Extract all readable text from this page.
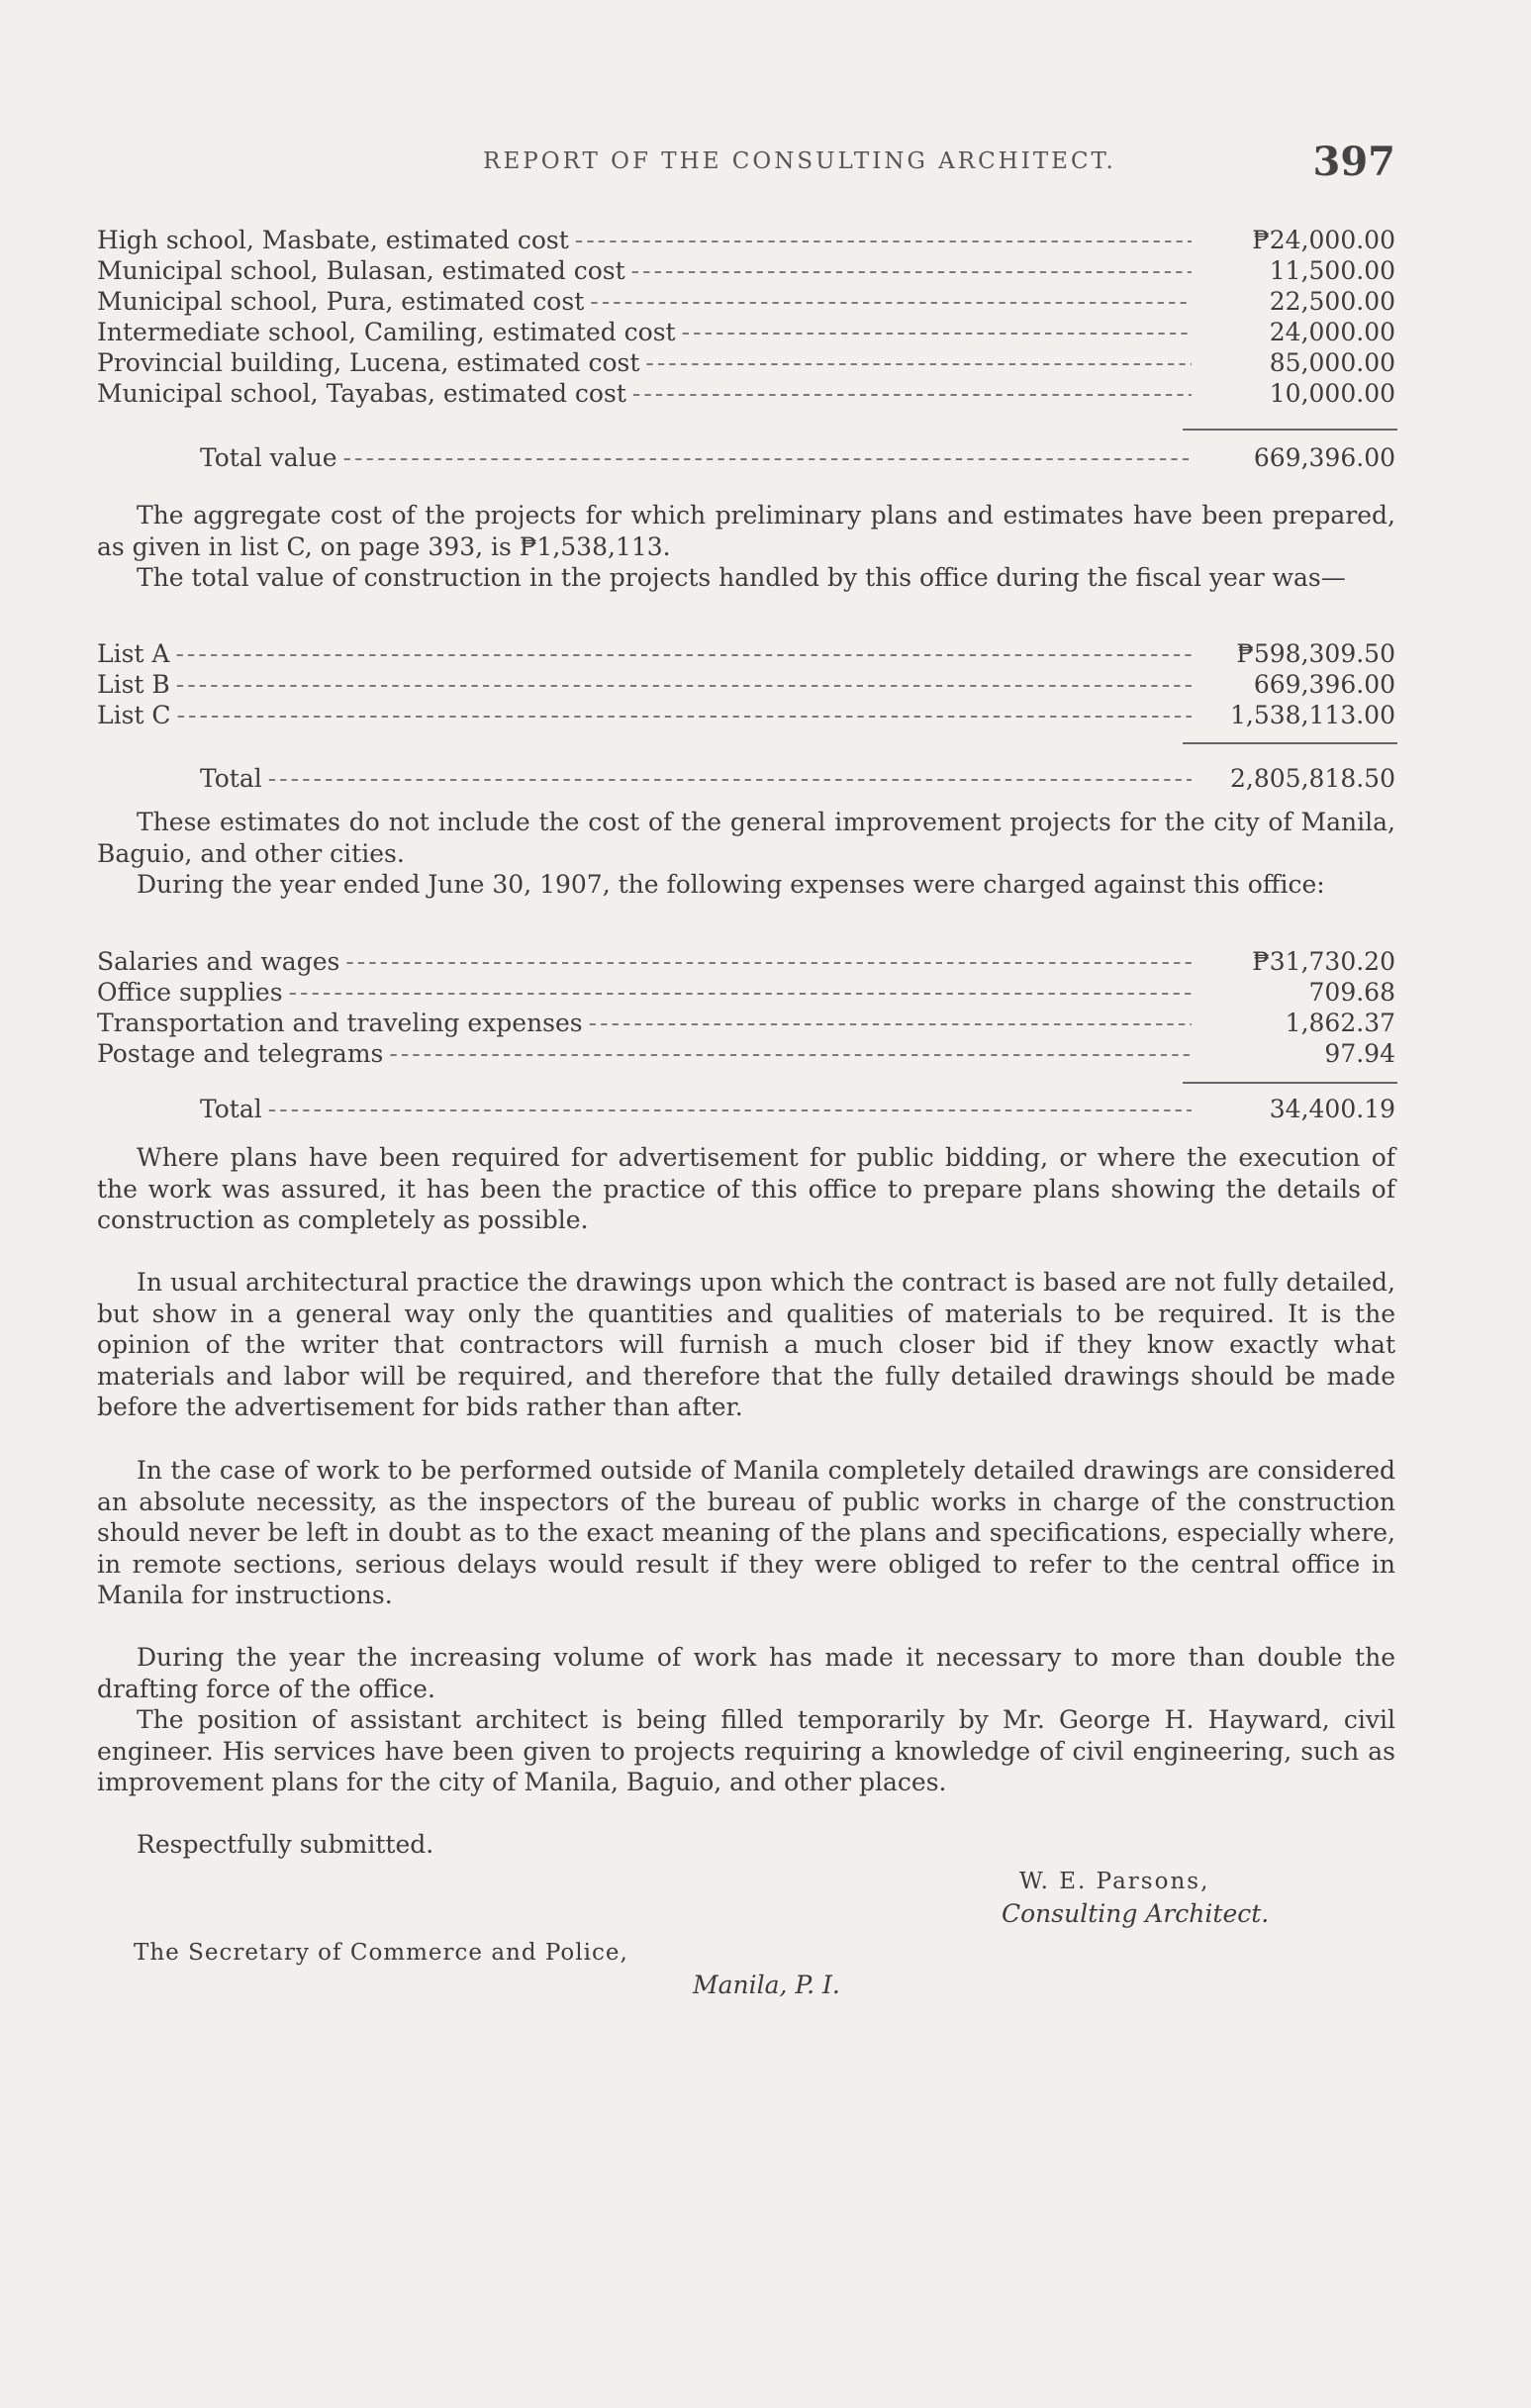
REPORT OF THE CONSULTING ARCHITECT.	397
High school, Masbate, estimated cost -----	₱24,000.00
Municipal school, Bulasan, estimated cost -----	11,500.00
Municipal school, Pura, estimated cost -----	22,500.00
Intermediate school, Camiling, estimated cost -----	24,000.00
Provincial building, Lucena, estimated cost -----	85,000.00
Municipal school, Tayabas, estimated cost -----	10,000.00
Total value -----	669,396.00

The aggregate cost of the projects for which preliminary plans and estimates have been prepared, as given in list C, on page 393, is ₱1,538,113.

The total value of construction in the projects handled by this office during the fiscal year was—

List A -----	₱598,309.50
List B -----	669,396.00
List C -----	1,538,113.00
Total -----	2,805,818.50

These estimates do not include the cost of the general improvement projects for the city of Manila, Baguio, and other cities.

During the year ended June 30, 1907, the following expenses were charged against this office:

Salaries and wages -----	₱31,730.20
Office supplies -----	709.68
Transportation and traveling expenses -----	1,862.37
Postage and telegrams -----	97.94
Total -----	34,400.19

Where plans have been required for advertisement for public bidding, or where the execution of the work was assured, it has been the practice of this office to prepare plans showing the details of construction as completely as possible.

In usual architectural practice the drawings upon which the contract is based are not fully detailed, but show in a general way only the quantities and qualities of materials to be required. It is the opinion of the writer that contractors will furnish a much closer bid if they know exactly what materials and labor will be required, and therefore that the fully detailed drawings should be made before the advertisement for bids rather than after.

In the case of work to be performed outside of Manila completely detailed drawings are considered an absolute necessity, as the inspectors of the bureau of public works in charge of the construction should never be left in doubt as to the exact meaning of the plans and specifications, especially where, in remote sections, serious delays would result if they were obliged to refer to the central office in Manila for instructions.

During the year the increasing volume of work has made it necessary to more than double the drafting force of the office.

The position of assistant architect is being filled temporarily by Mr. George H. Hayward, civil engineer. His services have been given to projects requiring a knowledge of civil engineering, such as improvement plans for the city of Manila, Baguio, and other places.

Respectfully submitted.

W. E. Parsons,
Consulting Architect.
The Secretary of Commerce and Police,
Manila, P. I.
